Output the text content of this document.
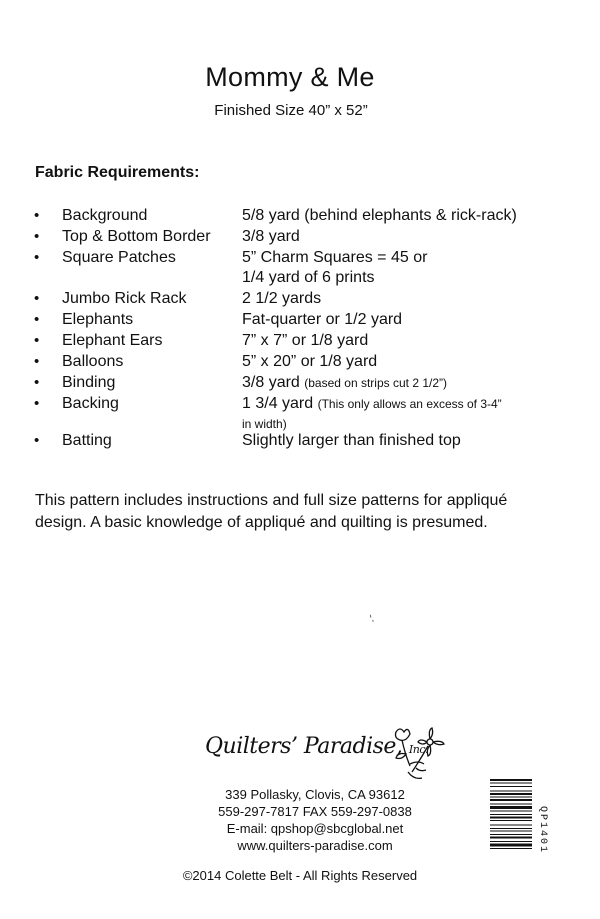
Mommy & Me
Finished Size 40” x 52”
Fabric Requirements:
• Background	5/8 yard (behind elephants & rick-rack)
• Top & Bottom Border 3/8 yard
• Square Patches	5” Charm Squares = 45 or
1/4 yard of 6 prints
• Jumbo Rick Rack	2 1/2 yards
• Elephants	Fat-quarter or 1/2 yard
• Elephant Ears	7” x 7” or 1/8 yard
• Balloons	5” x 20” or 1/8 yard
• Binding	3/8 yard (based on strips cut 2 1/2”)
• Backing	1 3/4 yard (This only allows an excess of 3-4”
in width)
• Batting	Slightly larger than finished top
This pattern includes instructions and full size patterns for appliqué design. A basic knowledge of appliqué and quilting is presumed.
⸵
Quilters’ Paradise, Inc.
339 Pollasky, Clovis, CA 93612
559-297-7817 FAX 559-297-0838
E-mail: qpshop@sbcglobal.net
www.quilters-paradise.com
©2014 Colette Belt - All Rights Reserved
QP1401
